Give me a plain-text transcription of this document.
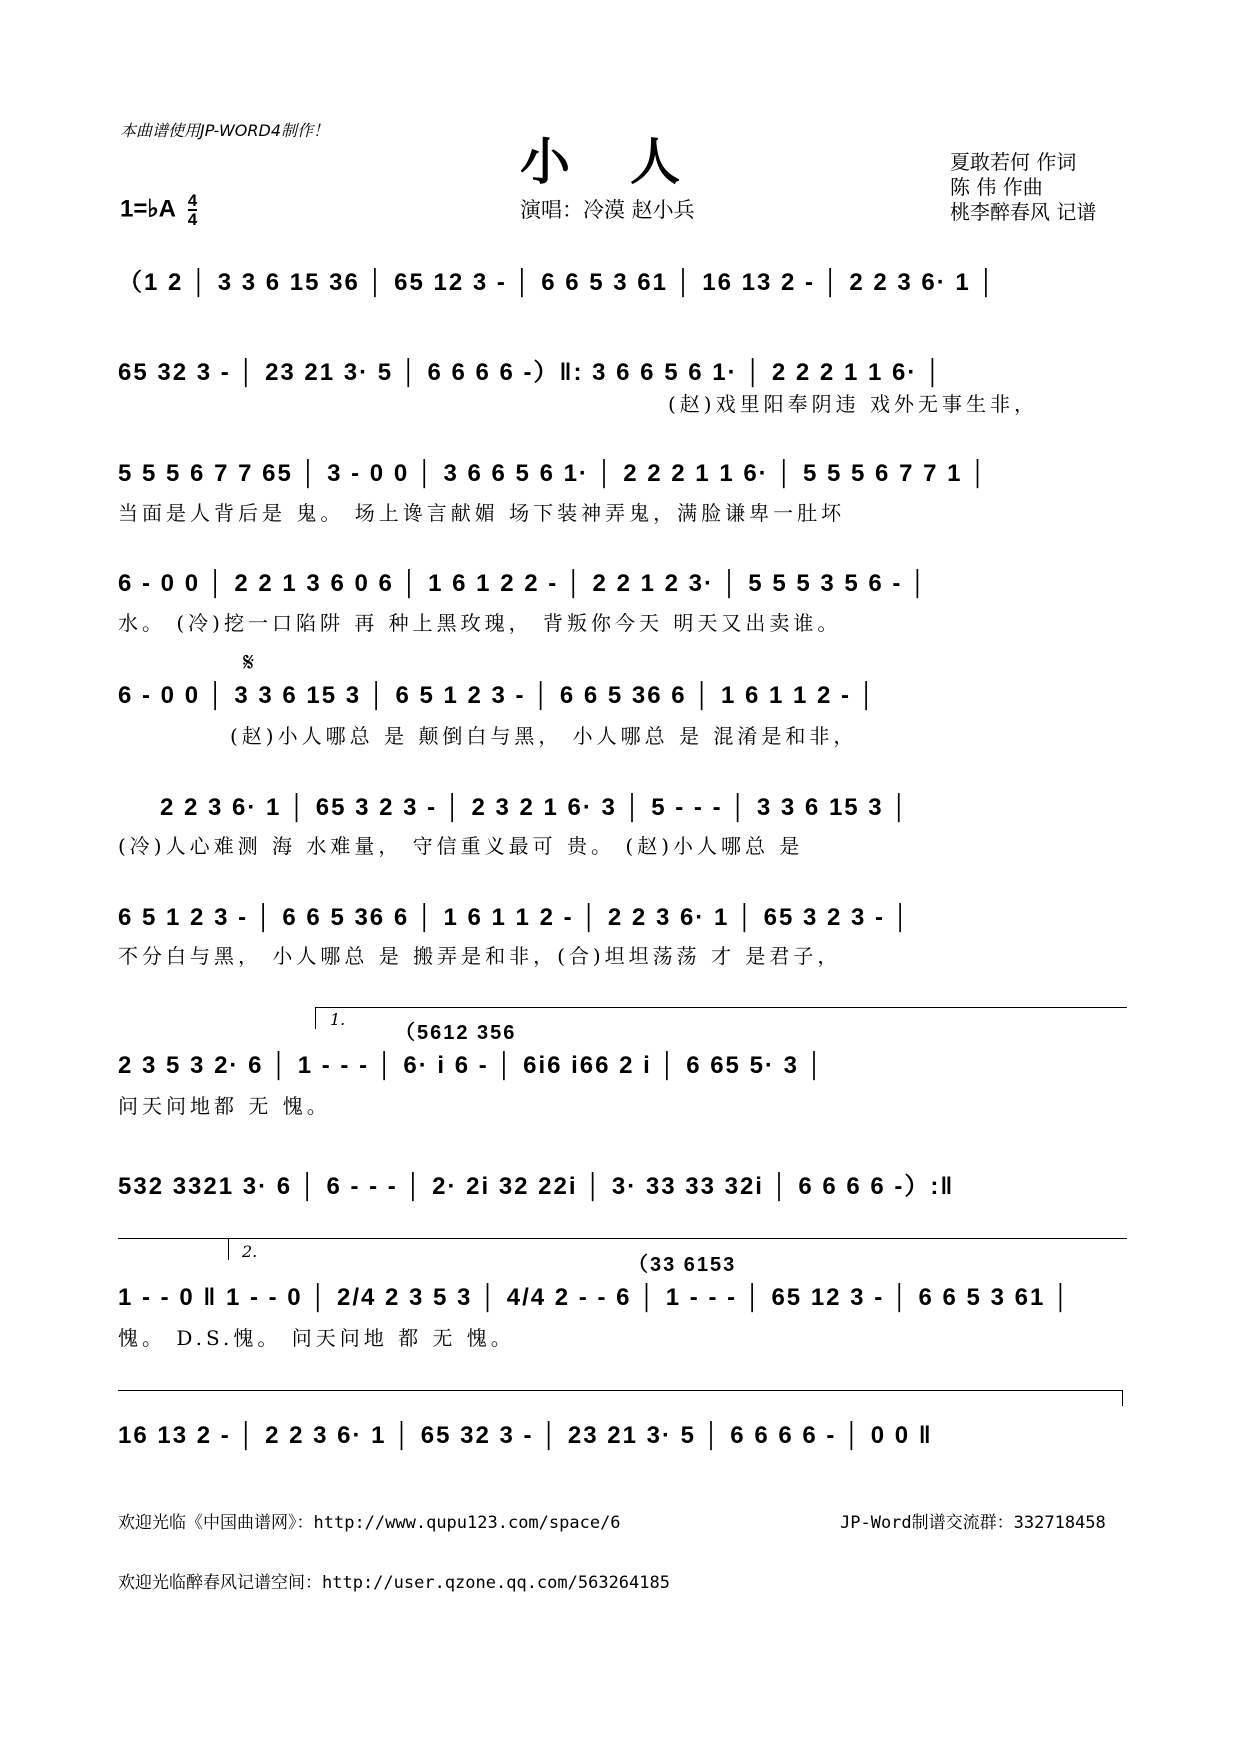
本曲谱使用JP-WORD4制作！
小人
1=♭A $\frac{4}{4}$	演唱：冷漠 赵小兵
夏敢若何 作词
陈 伟 作曲
桃李醉春风 记谱
（1 2 │ 3 3 6 15 36 │ 65 12 3 - │ 6 6 5 3 61 │ 16 13 2 - │ 2 2 3 6· 1 │
65 32 3 - │ 23 21 3· 5 │ 6 6 6 6 -）‖: 3 6 6 5 6 1· │ 2 2 2 1 1 6· │
(赵)戏里阳奉阴违 戏外无事生非，
5 5 5 6 7 7 65 │ 3 - 0 0 │ 3 6 6 5 6 1· │ 2 2 2 1 1 6· │ 5 5 5 6 7 7 1 │
当面是人背后是 鬼。 场上谗言献媚 场下装神弄鬼，满脸谦卑一肚坏
6 - 0 0 │ 2 2 1 3 6 0 6 │ 1 6 1 2 2 - │ 2 2 1 2 3· │ 5 5 5 3 5 6 - │
水。 (冷)挖一口陷阱 再 种上黑玫瑰， 背叛你今天 明天又出卖谁。
𝄋
6 - 0 0 │ 3 3 6 15 3 │ 6 5 1 2 3 - │ 6 6 5 36 6 │ 1 6 1 1 2 - │
(赵)小人哪总 是 颠倒白与黑， 小人哪总 是 混淆是和非，
2 2 3 6· 1 │ 65 3 2 3 - │ 2 3 2 1 6· 3 │ 5 - - - │ 3 3 6 15 3 │
(冷)人心难测 海 水难量， 守信重义最可 贵。 (赵)小人哪总 是
6 5 1 2 3 - │ 6 6 5 36 6 │ 1 6 1 1 2 - │ 2 2 3 6· 1 │ 65 3 2 3 - │
不分白与黑， 小人哪总 是 搬弄是和非，(合)坦坦荡荡 才 是君子，
1.
（5612 356
2 3 5 3 2· 6 │ 1 - - - │ 6· i 6 - │ 6i6 i66 2 i │ 6 65 5· 3 │
问天问地都 无 愧。
532 3321 3· 6 │ 6 - - - │ 2· 2i 32 22i │ 3· 33 33 32i │ 6 6 6 6 -）:‖
2.
（33 6153
1 - - 0 ‖ 1 - - 0 │ 2/4 2 3 5 3 │ 4/4 2 - - 6 │ 1 - - - │ 65 12 3 - │ 6 6 5 3 61 │
愧。 D.S.愧。 问天问地 都 无 愧。
16 13 2 - │ 2 2 3 6· 1 │ 65 32 3 - │ 23 21 3· 5 │ 6 6 6 6 - │ 0 0 ‖
欢迎光临《中国曲谱网》：http://www.qupu123.com/space/6	JP-Word制谱交流群：332718458
欢迎光临醉春风记谱空间：http://user.qzone.qq.com/563264185
